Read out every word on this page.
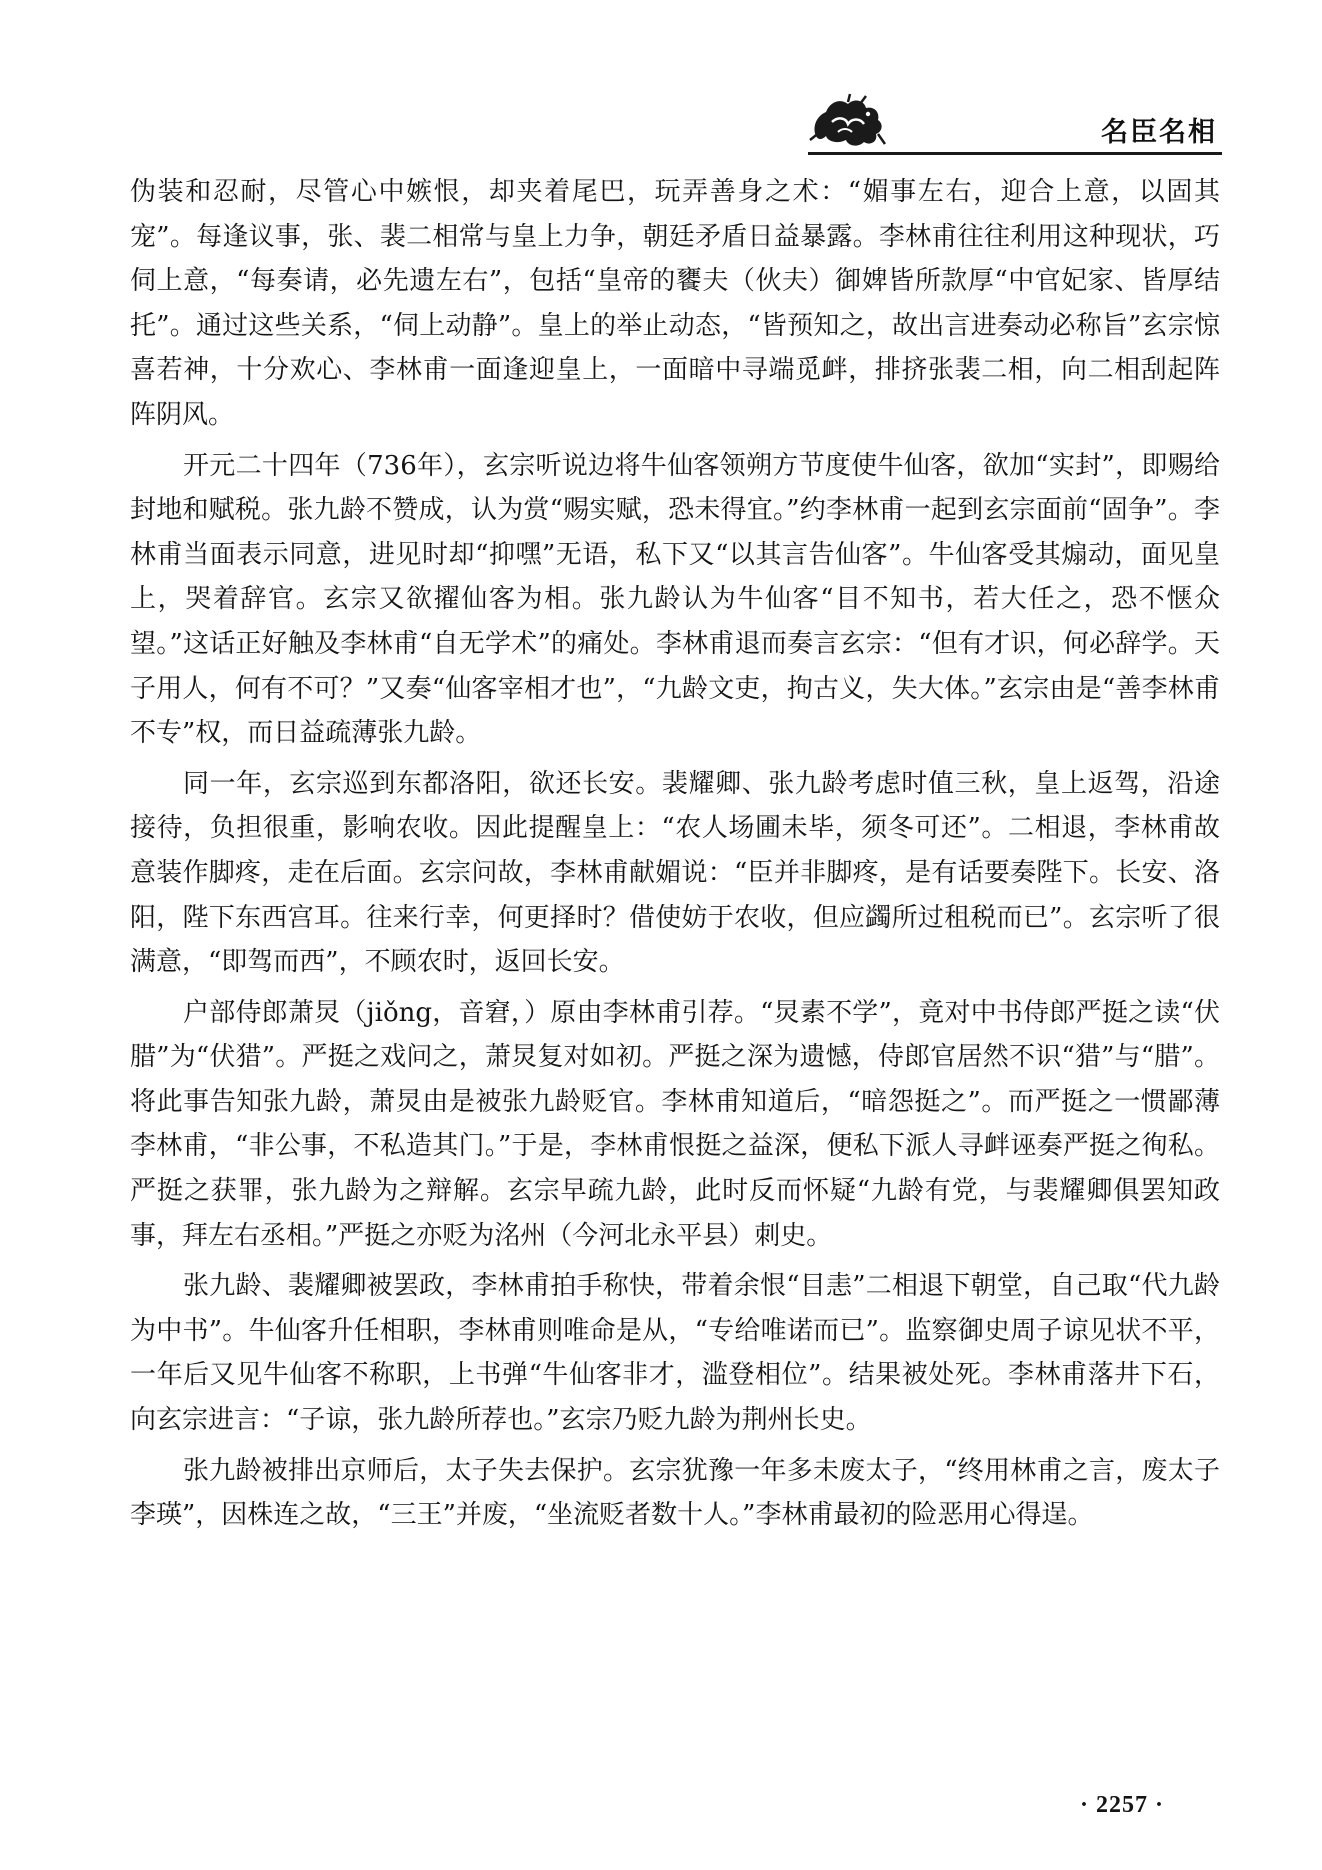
名臣名相

伪装和忍耐，尽管心中嫉恨，却夹着尾巴，玩弄善身之术：“媚事左右，迎合上意，以固其宠”。每逢议事，张、裴二相常与皇上力争，朝廷矛盾日益暴露。李林甫往往利用这种现状，巧伺上意，“每奏请，必先遗左右”，包括“皇帝的饔夫（伙夫）御婢皆所款厚“中官妃家、皆厚结托”。通过这些关系，“伺上动静”。皇上的举止动态，“皆预知之，故出言进奏动必称旨”玄宗惊喜若神，十分欢心、李林甫一面逢迎皇上，一面暗中寻端觅衅，排挤张裴二相，向二相刮起阵阵阴风。

开元二十四年（736年），玄宗听说边将牛仙客领朔方节度使牛仙客，欲加“实封”，即赐给封地和赋税。张九龄不赞成，认为赏“赐实赋，恐未得宜。”约李林甫一起到玄宗面前“固争”。李林甫当面表示同意，进见时却“抑嘿”无语，私下又“以其言告仙客”。牛仙客受其煽动，面见皇上，哭着辞官。玄宗又欲擢仙客为相。张九龄认为牛仙客“目不知书，若大任之，恐不惬众望。”这话正好触及李林甫“自无学术”的痛处。李林甫退而奏言玄宗：“但有才识，何必辞学。天子用人，何有不可？”又奏“仙客宰相才也”，“九龄文吏，拘古义，失大体。”玄宗由是“善李林甫不专”权，而日益疏薄张九龄。

同一年，玄宗巡到东都洛阳，欲还长安。裴耀卿、张九龄考虑时值三秋，皇上返驾，沿途接待，负担很重，影响农收。因此提醒皇上：“农人场圃未毕，须冬可还”。二相退，李林甫故意装作脚疼，走在后面。玄宗问故，李林甫献媚说：“臣并非脚疼，是有话要奏陛下。长安、洛阳，陛下东西宫耳。往来行幸，何更择时？借使妨于农收，但应蠲所过租税而已”。玄宗听了很满意，“即驾而西”，不顾农时，返回长安。

户部侍郎萧炅（jiǒng，音窘，）原由李林甫引荐。“炅素不学”，竟对中书侍郎严挺之读“伏腊”为“伏猎”。严挺之戏问之，萧炅复对如初。严挺之深为遗憾，侍郎官居然不识“猎”与“腊”。将此事告知张九龄，萧炅由是被张九龄贬官。李林甫知道后，“暗怨挺之”。而严挺之一惯鄙薄李林甫，“非公事，不私造其门。”于是，李林甫恨挺之益深，便私下派人寻衅诬奏严挺之徇私。严挺之获罪，张九龄为之辩解。玄宗早疏九龄，此时反而怀疑“九龄有党，与裴耀卿俱罢知政事，拜左右丞相。”严挺之亦贬为洺州（今河北永平县）刺史。

张九龄、裴耀卿被罢政，李林甫拍手称快，带着余恨“目恚”二相退下朝堂，自己取“代九龄为中书”。牛仙客升任相职，李林甫则唯命是从，“专给唯诺而已”。监察御史周子谅见状不平，一年后又见牛仙客不称职，上书弹“牛仙客非才，滥登相位”。结果被处死。李林甫落井下石，向玄宗进言：“子谅，张九龄所荐也。”玄宗乃贬九龄为荆州长史。

张九龄被排出京师后，太子失去保护。玄宗犹豫一年多未废太子，“终用林甫之言，废太子李瑛”，因株连之故，“三王”并废，“坐流贬者数十人。”李林甫最初的险恶用心得逞。

· 2257 ·
